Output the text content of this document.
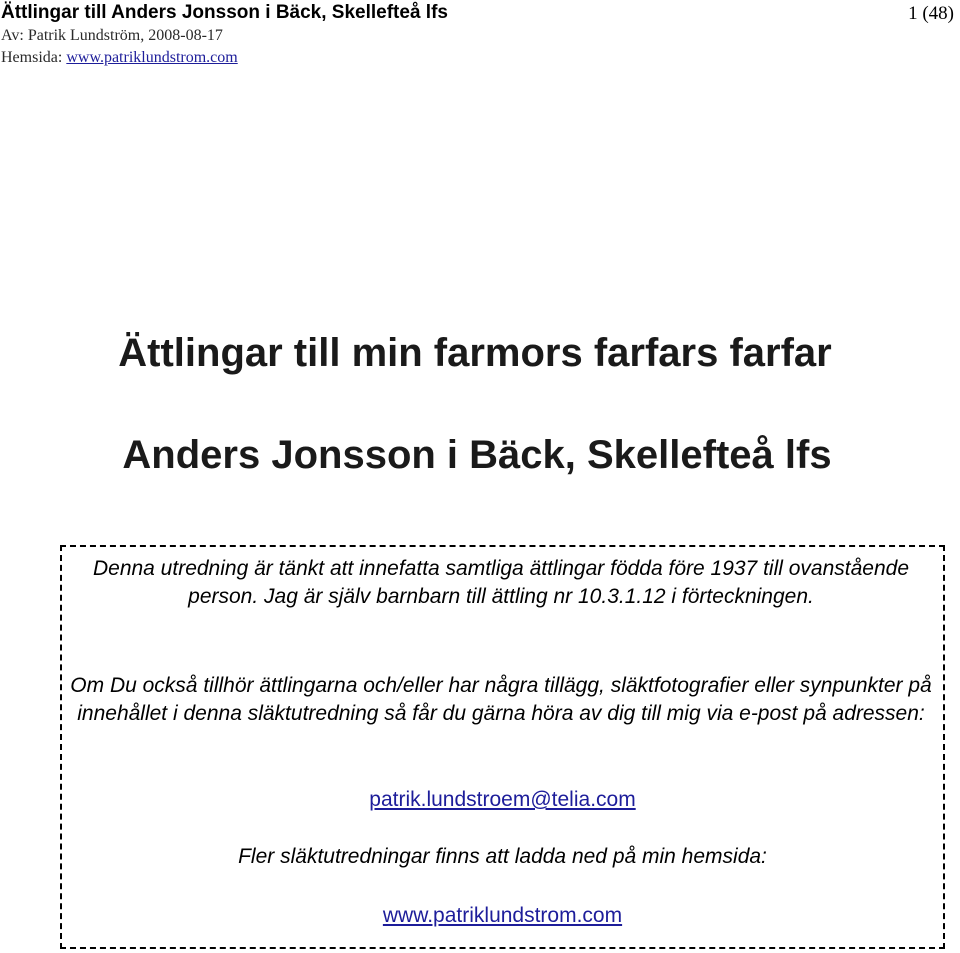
Ättlingar till Anders Jonsson i Bäck, Skellefteå lfs	1 (48)
Av: Patrik Lundström, 2008-08-17
Hemsida: www.patriklundstrom.com
Ättlingar till min farmors farfars farfar
Anders Jonsson i Bäck, Skellefteå lfs
Denna utredning är tänkt att innefatta samtliga ättlingar födda före 1937 till ovanstående person. Jag är själv barnbarn till ättling nr 10.3.1.12 i förteckningen.
Om Du också tillhör ättlingarna och/eller har några tillägg, släktfotografier eller synpunkter på innehållet i denna släktutredning så får du gärna höra av dig till mig via e-post på adressen:
patrik.lundstroem@telia.com
Fler släktutredningar finns att ladda ned på min hemsida:
www.patriklundstrom.com
